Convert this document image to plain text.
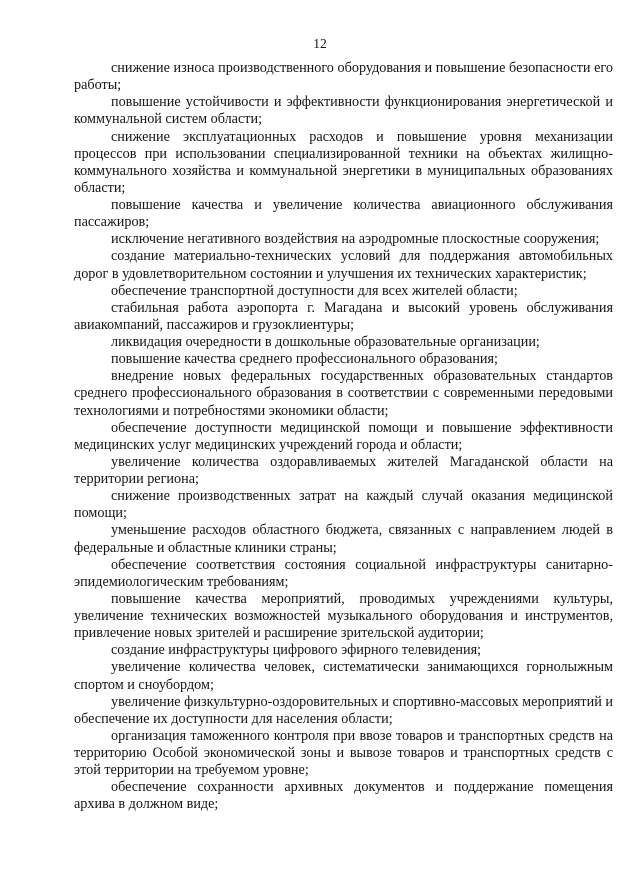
12

снижение износа производственного оборудования и повышение безопасности его работы;

повышение устойчивости и эффективности функционирования энергетической и коммунальной систем области;

снижение эксплуатационных расходов и повышение уровня механизации процессов при использовании специализированной техники на объектах жилищно-коммунального хозяйства и коммунальной энергетики в муниципальных образованиях области;

повышение качества и увеличение количества авиационного обслуживания пассажиров;

исключение негативного воздействия на аэродромные плоскостные сооружения;

создание материально-технических условий для поддержания автомобильных дорог в удовлетворительном состоянии и улучшения их технических характеристик;

обеспечение транспортной доступности для всех жителей области;

стабильная работа аэропорта г. Магадана и высокий уровень обслуживания авиакомпаний, пассажиров и грузоклиентуры;

ликвидация очередности в дошкольные образовательные организации;

повышение качества среднего профессионального образования;

внедрение новых федеральных государственных образовательных стандартов среднего профессионального образования в соответствии с современными передовыми технологиями и потребностями экономики области;

обеспечение доступности медицинской помощи и повышение эффективности медицинских услуг медицинских учреждений города и области;

увеличение количества оздоравливаемых жителей Магаданской области на территории региона;

снижение производственных затрат на каждый случай оказания медицинской помощи;

уменьшение расходов областного бюджета, связанных с направлением людей в федеральные и областные клиники страны;

обеспечение соответствия состояния социальной инфраструктуры санитарно-эпидемиологическим требованиям;

повышение качества мероприятий, проводимых учреждениями культуры, увеличение технических возможностей музыкального оборудования и инструментов, привлечение новых зрителей и расширение зрительской аудитории;

создание инфраструктуры цифрового эфирного телевидения;

увеличение количества человек, систематически занимающихся горнолыжным спортом и сноубордом;

увеличение физкультурно-оздоровительных и спортивно-массовых мероприятий и обеспечение их доступности для населения области;

организация таможенного контроля при ввозе товаров и транспортных средств на территорию Особой экономической зоны и вывозе товаров и транспортных средств с этой территории на требуемом уровне;

обеспечение сохранности архивных документов и поддержание помещения архива в должном виде;
